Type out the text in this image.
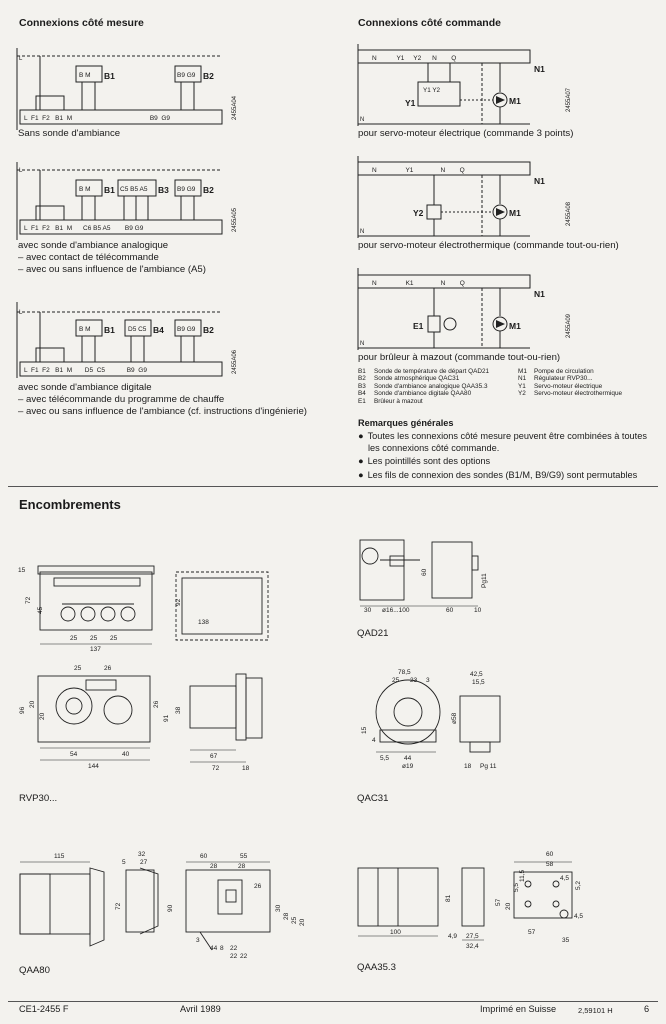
Connexions côté mesure	Connexions côté commande
L
L
L
B M B1	B9 G9 B2
L  F1  F2   B1  M                                           B9  G9	2455A04
B M B1 C5 B5 A5 B3 B9 G9 B2
L  F1  F2   B1  M      C6 B5 A5        B9 G9	2455A05
B M B1 D5 C5 B4 B9 G9 B2
L  F1  F2   B1  M       D5  C5            B9  G9	2455A06
Sans sonde d'ambiance
avec sonde d'ambiance analogique
– avec contact de télécommande
– avec ou sans influence de l'ambiance (A5)
avec sonde d'ambiance digitale
– avec télécommande du programme de chauffe
– avec ou sans influence de l'ambiance (cf. instructions d'ingénierie)
N           Y1     Y2      N        Q
N1
Y1 Y2
Y1	M1
N
2455A07
N                Y1               N        Q
N1
Y2	M1
N
2455A08
N                K1               N        Q
N1
E1	M1
N
2455A09
pour servo-moteur électrique (commande 3 points)
pour servo-moteur électrothermique (commande tout-ou-rien)
pour brûleur à mazout (commande tout-ou-rien)
B1 Sonde de température de départ QAD21
B2 Sonde atmosphérique QAC31
B3 Sonde d'ambiance analogique QAA35.3
B4 Sonde d'ambiance digitale QAA80
E1 Brûleur à mazout
M1 Pompe de circulation
N1 Régulateur RVP30...
Y1 Servo-moteur électrique
Y2 Servo-moteur électrothermique
Remarques générales
● Toutes les connexions côté mesure peuvent être combinées à toutes les connexions côté commande.
● Les pointillés sont des options
● Les fils de connexion des sondes (B1/M, B9/G9) sont permutables
Encombrements
15
72
45
25 25 25
137
92
138
25	26
96
20
20
26
91
38
54	40
144
67
72	18
30 ø16...100	60	10
60
Pg11
78,5
25 23 3
42,5
15,5
15
4
ø58
5,5 44
ø19	18 Pg 11
115	32
27
5
72	90
60	55
28	28
26
30
28
25 20
44 8
3
22
22
22
81
100
4,9 27,5
32,4
57
20
5,5
60
58
11,5	4,5
5,2
4,5
57
35
RVP30...
QAD21
QAC31
QAA80	QAA35.3
CE1-2455 F	Avril 1989	Imprimé en Suisse	2,59101 H	6
